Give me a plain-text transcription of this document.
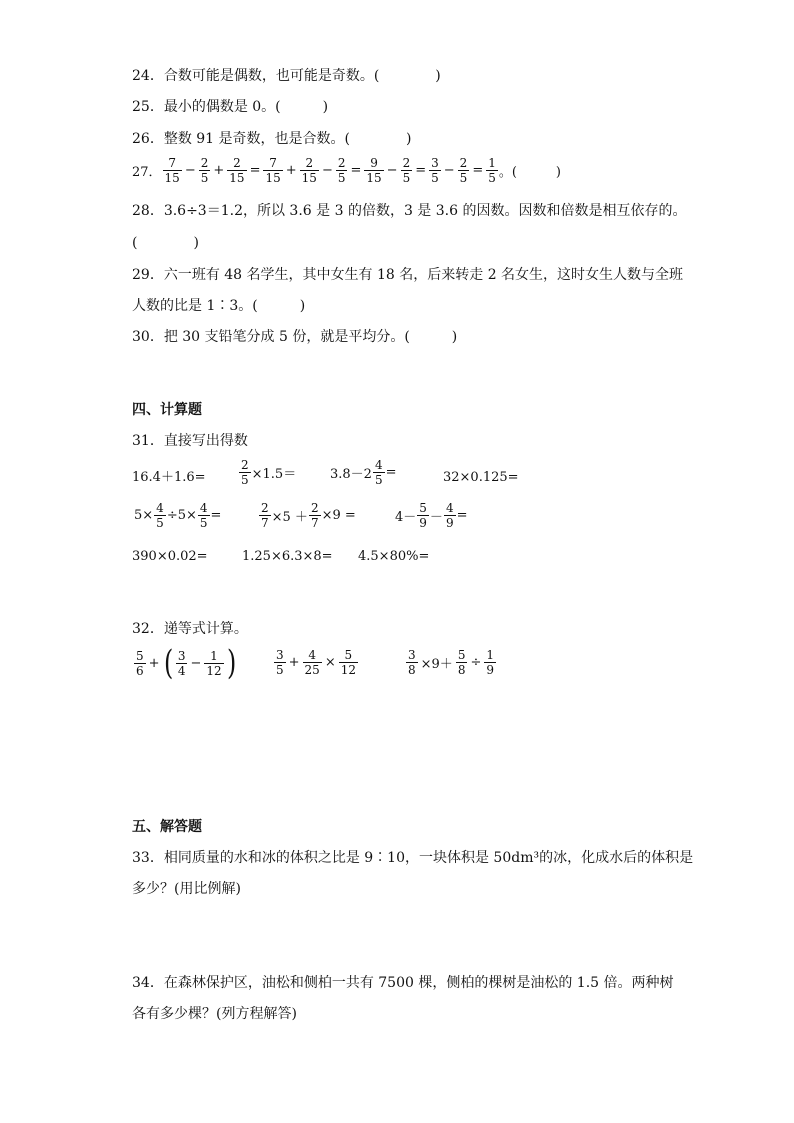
24．合数可能是偶数，也可能是奇数。(　　　　)
25．最小的偶数是 0。(　　　)
26．整数 91 是奇数，也是合数。(　　　　)
27． $\frac{7}{15} - \frac{2}{5} + \frac{2}{15} = \frac{7}{15} + \frac{2}{15} - \frac{2}{5} = \frac{9}{15} - \frac{2}{5} = \frac{3}{5} - \frac{2}{5} = \frac{1}{5}$ 。(　　　)
28．3.6÷3＝1.2，所以 3.6 是 3 的倍数，3 是 3.6 的因数。因数和倍数是相互依存的。
(　　　　)
29．六一班有 48 名学生，其中女生有 18 名，后来转走 2 名女生，这时女生人数与全班
人数的比是 1∶3。(　　　)
30．把 30 支铅笔分成 5 份，就是平均分。(　　　)
四、计算题
31．直接写出得数
16.4＋1.6=	$\frac{2}{5} \times 1.5=$	$3.8-2 \frac{4}{5}$ =	32×0.125=
$5\times \frac{4}{5} \div 5\times \frac{4}{5}$ =	$\frac{2}{7} \times 5 + \frac{2}{7} \times 9$ =	$4- \frac{5}{9} - \frac{4}{9}$ =
390×0.02=	1.25×6.3×8= 4.5×80%=
32．递等式计算。
$\frac{5}{6}$ + ( $\frac{3}{4} - \frac{1}{12}$ )	$\frac{3}{5} + \frac{4}{25} \times \frac{5}{12}$	$\frac{3}{8} \times 9+ \frac{5}{8} \div \frac{1}{9}$
五、解答题
33．相同质量的水和冰的体积之比是 9∶10，一块体积是 50dm³的冰，化成水后的体积是
多少？(用比例解)
34．在森林保护区，油松和侧柏一共有 7500 棵，侧柏的棵树是油松的 1.5 倍。两种树
各有多少棵？(列方程解答)
